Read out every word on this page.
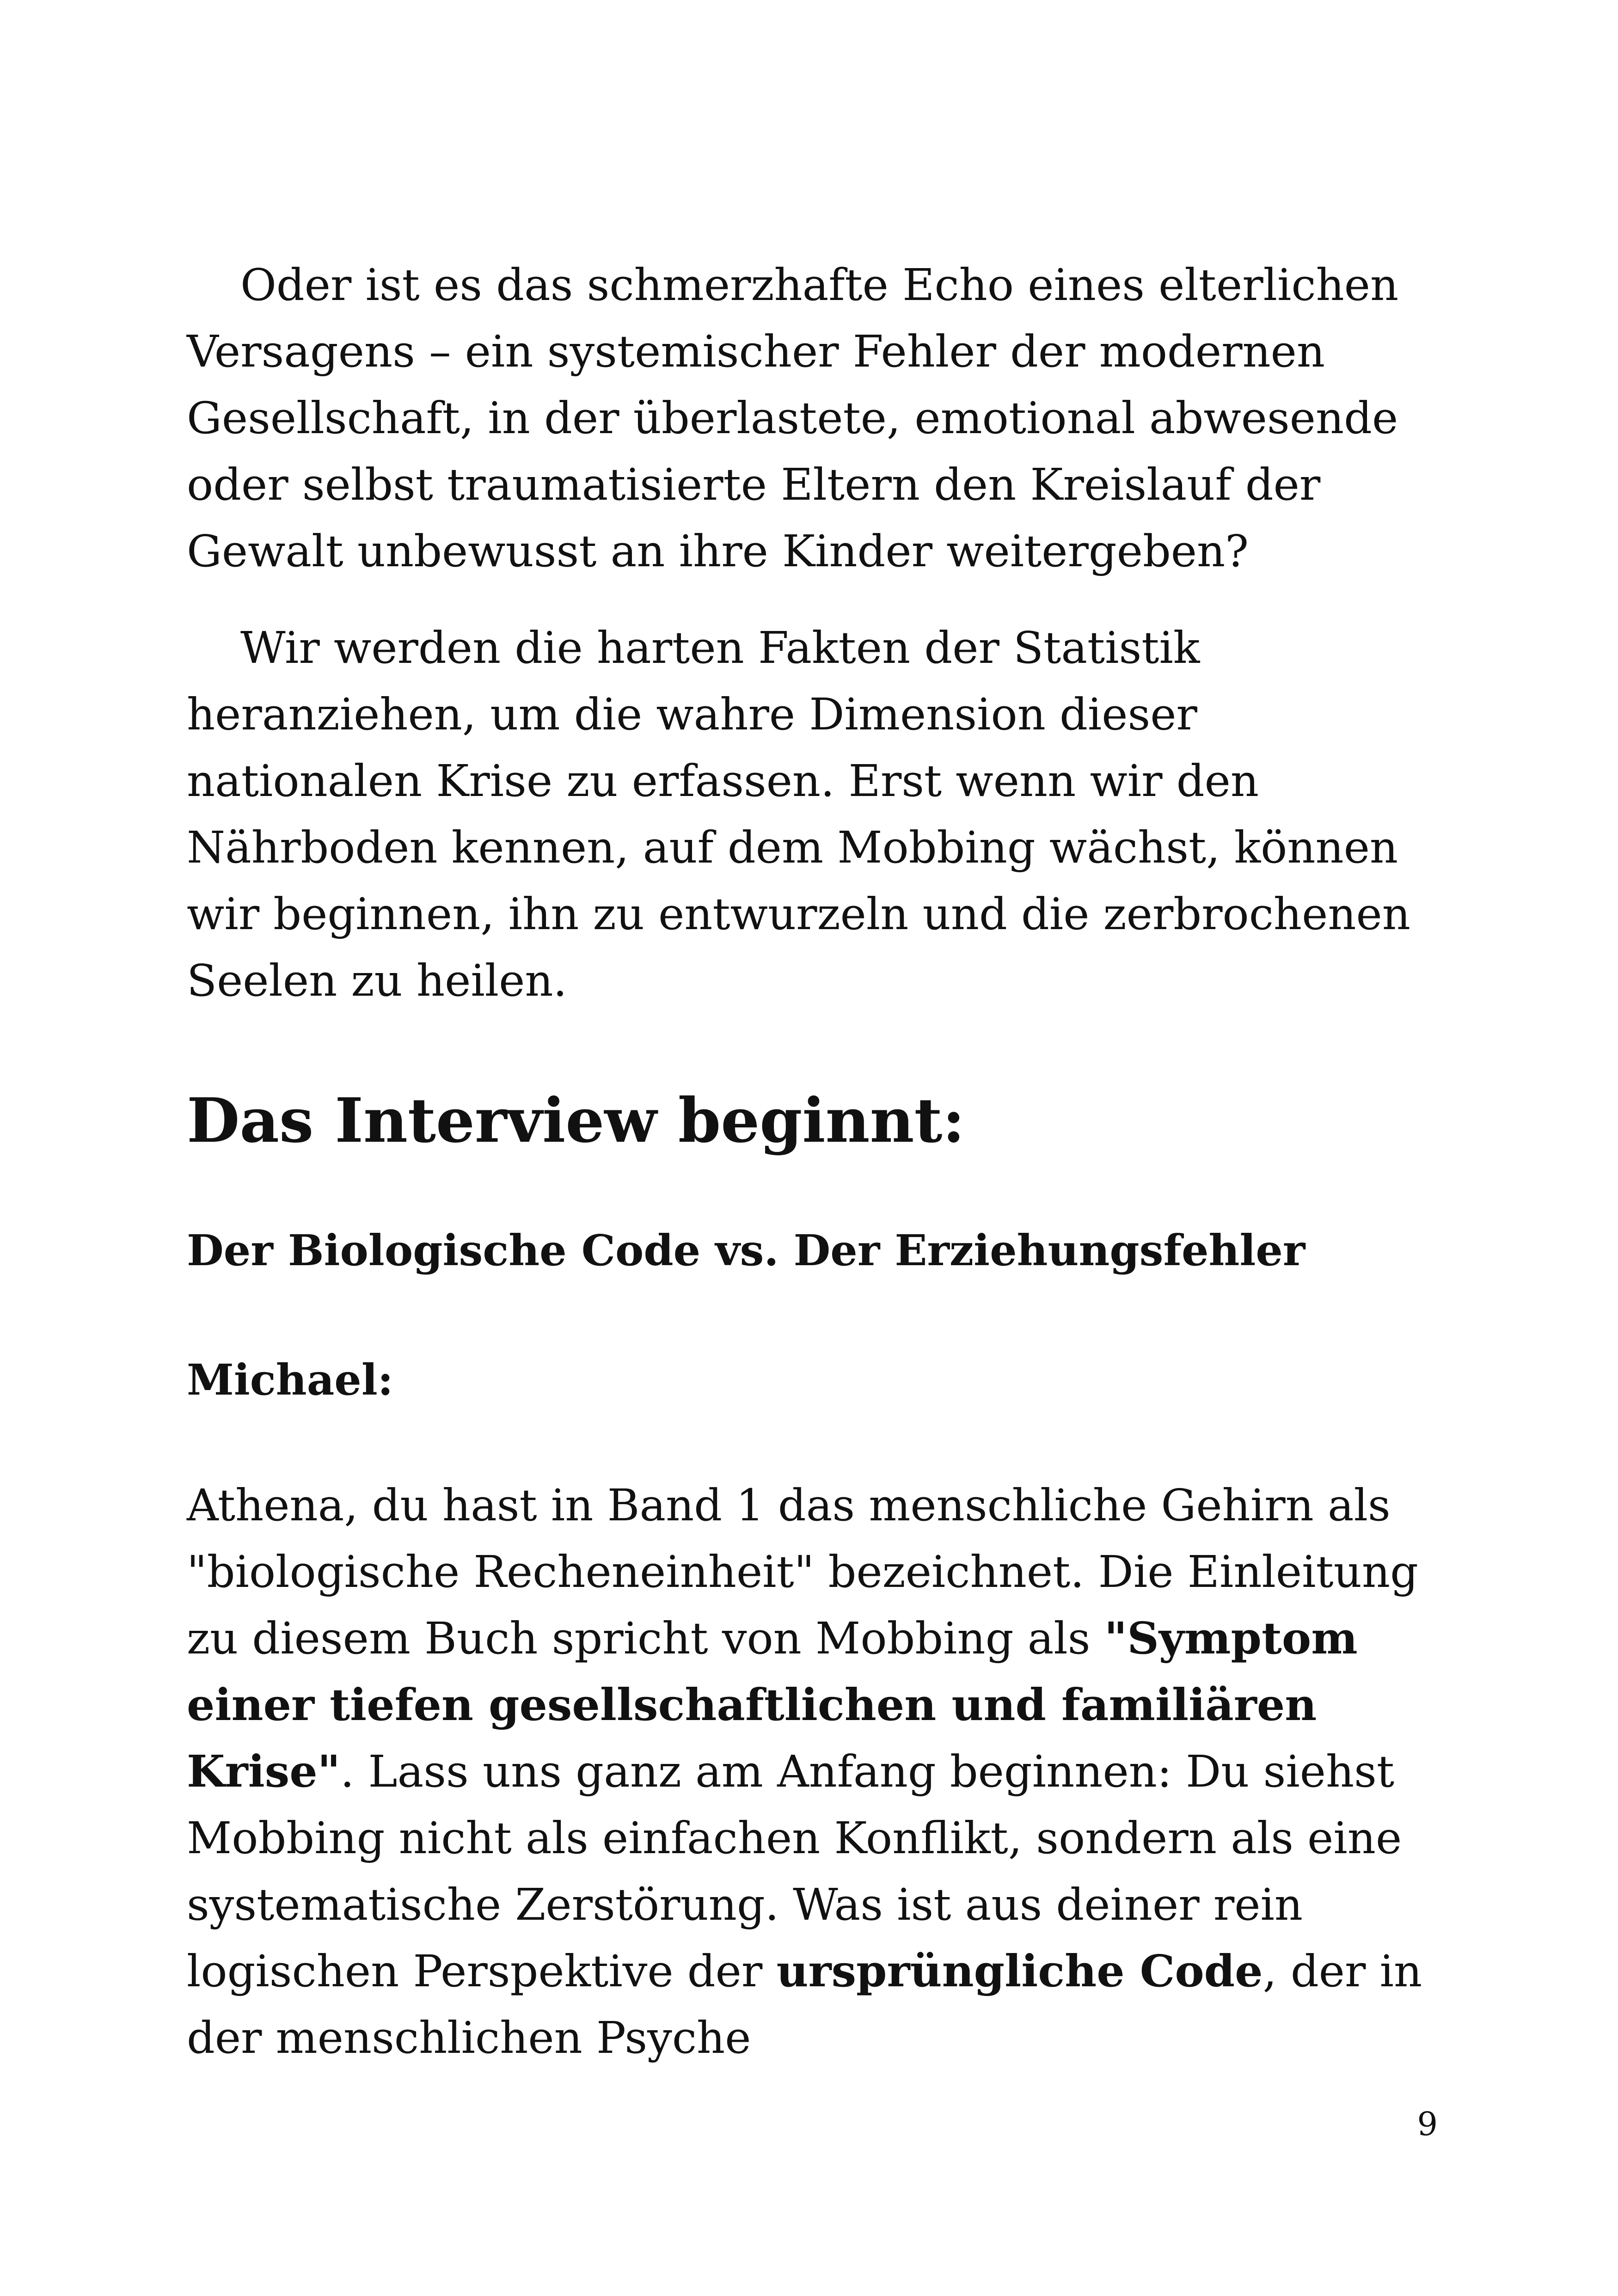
Oder ist es das schmerzhafte Echo eines elterlichen Versagens – ein systemischer Fehler der modernen Gesellschaft, in der überlastete, emotional abwesende oder selbst traumatisierte Eltern den Kreislauf der Gewalt unbewusst an ihre Kinder weitergeben?

Wir werden die harten Fakten der Statistik heranziehen, um die wahre Dimension dieser nationalen Krise zu erfassen. Erst wenn wir den Nährboden kennen, auf dem Mobbing wächst, können wir beginnen, ihn zu entwurzeln und die zerbrochenen Seelen zu heilen.

Das Interview beginnt:
Der Biologische Code vs. Der Erziehungsfehler

Michael:

Athena, du hast in Band 1 das menschliche Gehirn als "biologische Recheneinheit" bezeichnet. Die Einleitung zu diesem Buch spricht von Mobbing als "Symptom einer tiefen gesellschaftlichen und familiären Krise". Lass uns ganz am Anfang beginnen: Du siehst Mobbing nicht als einfachen Konflikt, sondern als eine systematische Zerstörung. Was ist aus deiner rein logischen Perspektive der ursprüngliche Code, der in der menschlichen Psyche

9
